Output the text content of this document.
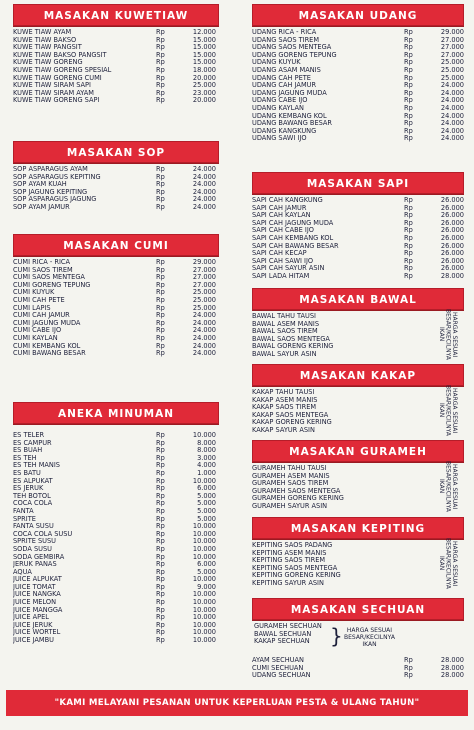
MASAKAN KUWETIAW
KUWE TIAW AYAM	Rp	12.000
KUWE TIAW BAKSO	Rp	15.000
KUWE TIAW PANGSIT	Rp	15.000
KUWE TIAW BAKSO PANGSIT	Rp	15.000
KUWE TIAW GORENG	Rp	15.000
KUWE TIAW GORENG SPESIAL	Rp	18.000
KUWE TIAW GORENG CUMI	Rp	20.000
KUWE TIAW SIRAM SAPI	Rp	25.000
KUWE TIAW SIRAM AYAM	Rp	23.000
KUWE TIAW GORENG SAPI	Rp	20.000
MASAKAN SOP
SOP ASPARAGUS AYAM	Rp	24.000
SOP ASPARAGUS KEPITING	Rp	24.000
SOP AYAM KUAH	Rp	24.000
SOP JAGUNG KEPITING	Rp	24.000
SOP ASPARAGUS JAGUNG	Rp	24.000
SOP AYAM JAMUR	Rp	24.000
MASAKAN CUMI
CUMI RICA - RICA	Rp	29.000
CUMI SAOS TIREM	Rp	27.000
CUMI SAOS MENTEGA	Rp	27.000
CUMI GORENG TEPUNG	Rp	27.000
CUMI KUYUK	Rp	25.000
CUMI CAH PETE	Rp	25.000
CUMI LAPIS	Rp	25.000
CUMI CAH JAMUR	Rp	24.000
CUMI JAGUNG MUDA	Rp	24.000
CUMI CABE IJO	Rp	24.000
CUMI KAYLAN	Rp	24.000
CUMI KEMBANG KOL	Rp	24.000
CUMI BAWANG BESAR	Rp	24.000
ANEKA MINUMAN
ES TELER	Rp	10.000
ES CAMPUR	Rp	8.000
ES BUAH	Rp	8.000
ES TEH	Rp	3.000
ES TEH MANIS	Rp	4.000
ES BATU	Rp	1.000
ES ALPUKAT	Rp	10.000
ES JERUK	Rp	6.000
TEH BOTOL	Rp	5.000
COCA COLA	Rp	5.000
FANTA	Rp	5.000
SPRITE	Rp	5.000
FANTA SUSU	Rp	10.000
COCA COLA SUSU	Rp	10.000
SPRITE SUSU	Rp	10.000
SODA SUSU	Rp	10.000
SODA GEMBIRA	Rp	10.000
JERUK PANAS	Rp	6.000
AQUA	Rp	5.000
JUICE ALPUKAT	Rp	10.000
JUICE TOMAT	Rp	9.000
JUICE NANGKA	Rp	10.000
JUICE MELON	Rp	10.000
JUICE MANGGA	Rp	10.000
JUICE APEL	Rp	10.000
JUICE JERUK	Rp	10.000
JUICE WORTEL	Rp	10.000
JUICE JAMBU	Rp	10.000
MASAKAN UDANG
UDANG RICA - RICA	Rp	29.000
UDANG SAOS TIREM	Rp	27.000
UDANG SAOS MENTEGA	Rp	27.000
UDANG GORENG TEPUNG	Rp	27.000
UDANG KUYUK	Rp	25.000
UDANG ASAM MANIS	Rp	25.000
UDANG CAH PETE	Rp	25.000
UDANG CAH JAMUR	Rp	24.000
UDANG JAGUNG MUDA	Rp	24.000
UDANG CABE IJO	Rp	24.000
UDANG KAYLAN	Rp	24.000
UDANG KEMBANG KOL	Rp	24.000
UDANG BAWANG BESAR	Rp	24.000
UDANG KANGKUNG	Rp	24.000
UDANG SAWI IJO	Rp	24.000
MASAKAN SAPI
SAPI CAH KANGKUNG	Rp	26.000
SAPI CAH JAMUR	Rp	26.000
SAPI CAH KAYLAN	Rp	26.000
SAPI CAH JAGUNG MUDA	Rp	26.000
SAPI CAH CABE IJO	Rp	26.000
SAPI CAH KEMBANG KOL	Rp	26.000
SAPI CAH BAWANG BESAR	Rp	26.000
SAPI CAH KECAP	Rp	26.000
SAPI CAH SAWI IJO	Rp	26.000
SAPI CAH SAYUR ASIN	Rp	26.000
SAPI LADA HITAM	Rp	28.000
MASAKAN BAWAL
BAWAL TAHU TAUSI
BAWAL ASEM MANIS
BAWAL SAOS TIREM
BAWAL SAOS MENTEGA
BAWAL GORENG KERING
BAWAL SAYUR ASIN
HARGA SESUAI
BESAR/KECILNYA
IKAN
MASAKAN KAKAP
KAKAP TAHU TAUSI
KAKAP ASEM MANIS
KAKAP SAOS TIREM
KAKAP SAOS MENTEGA
KAKAP GORENG KERING
KAKAP SAYUR ASIN
HARGA SESUAI
BESAR/KECILNYA
IKAN
MASAKAN GURAMEH
GURAMEH TAHU TAUSI
GURAMEH ASEM MANIS
GURAMEH SAOS TIREM
GURAMEH SAOS MENTEGA
GURAMEH GORENG KERING
GURAMEH SAYUR ASIN
HARGA SESUAI
BESAR/KECILNYA
IKAN
MASAKAN KEPITING
KEPITING SAOS PADANG
KEPITING ASEM MANIS
KEPITING SAOS TIREM
KEPITING SAOS MENTEGA
KEPITING GORENG KERING
KEPITING SAYUR ASIN
HARGA SESUAI
BESAR/KECILNYA
IKAN
MASAKAN SECHUAN
GURAMEH SECHUAN
BAWAL SECHUAN
KAKAP SECHUAN	} HARGA SESUAI
BESAR/KECILNYA
IKAN
AYAM SECHUAN	Rp	28.000
CUMI SECHUAN	Rp	28.000
UDANG SECHUAN	Rp	28.000
"KAMI MELAYANI PESANAN UNTUK KEPERLUAN PESTA & ULANG TAHUN"
